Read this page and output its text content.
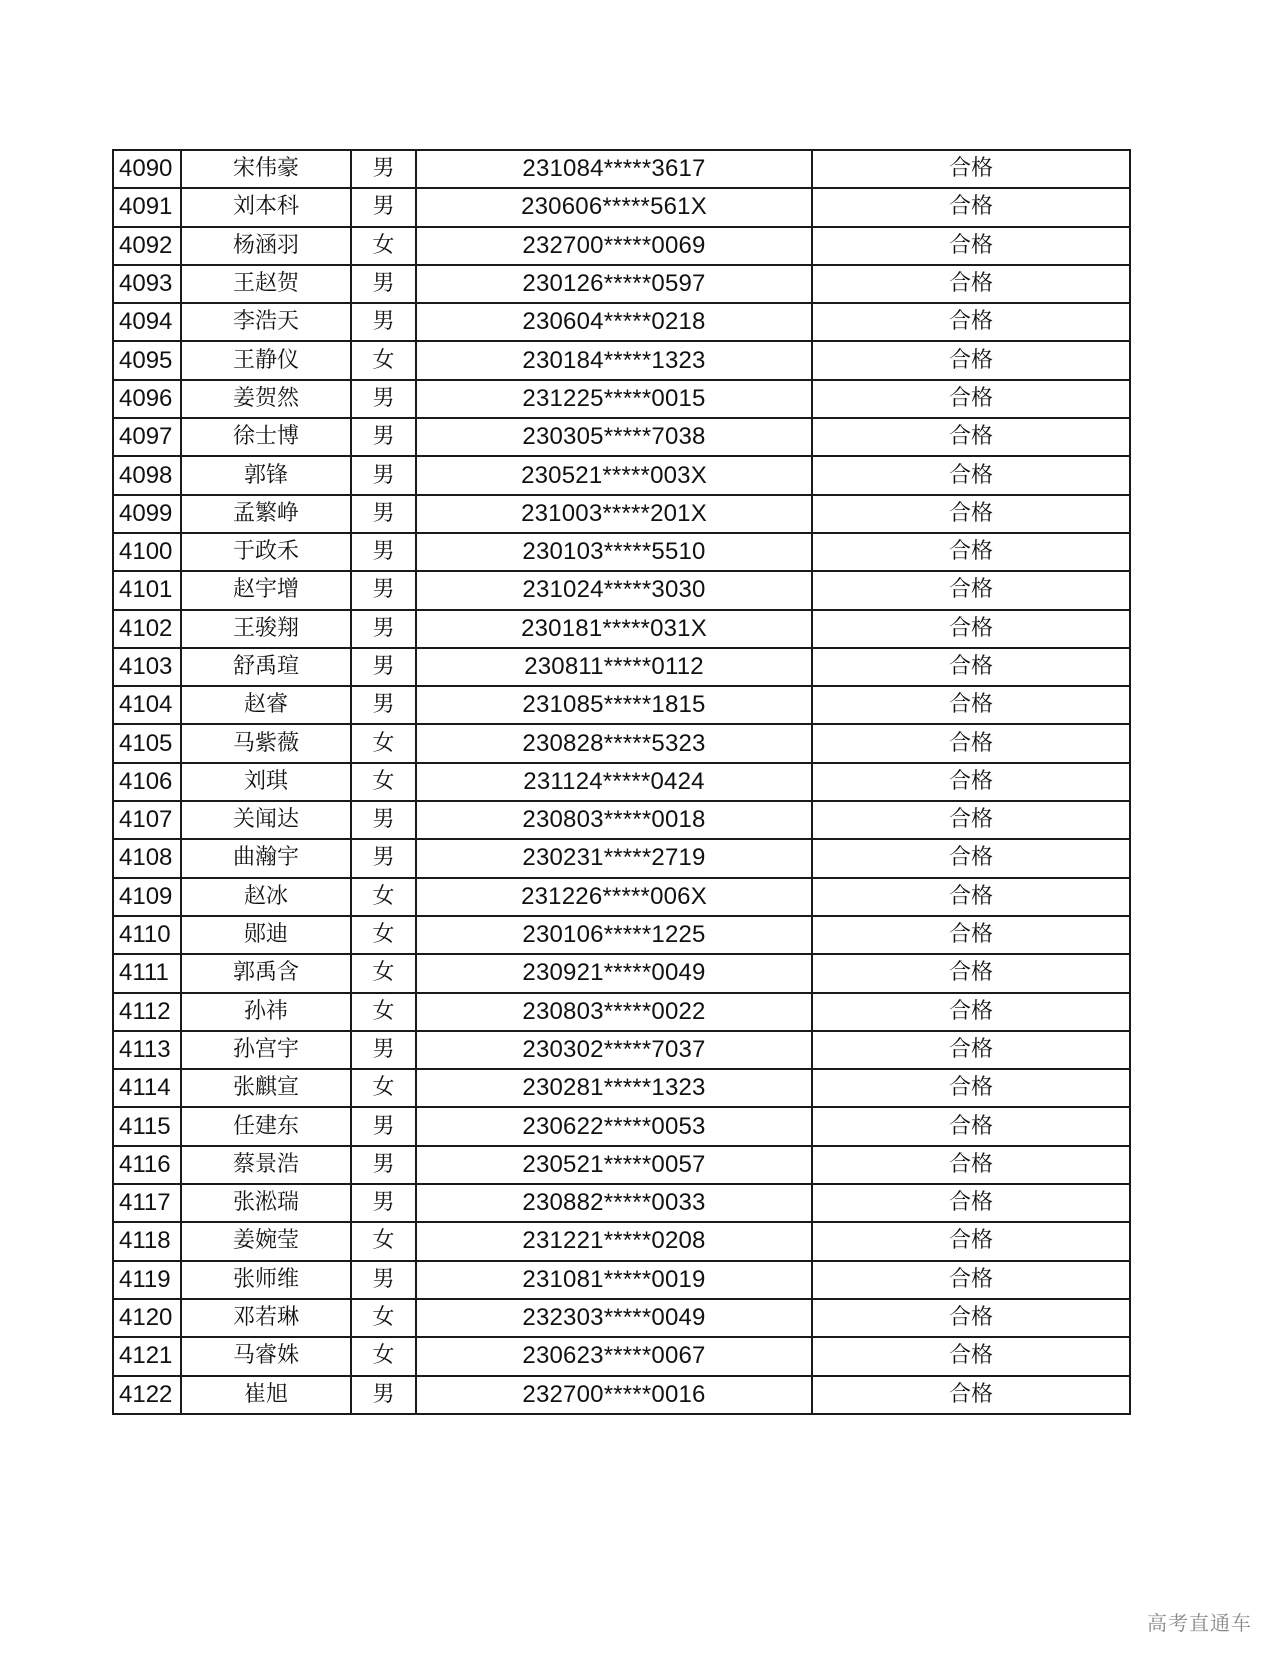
4090	宋伟豪	男	231084*****3617	合格
4091	刘本科	男	230606*****561X	合格
4092	杨涵羽	女	232700*****0069	合格
4093	王赵贺	男	230126*****0597	合格
4094	李浩天	男	230604*****0218	合格
4095	王静仪	女	230184*****1323	合格
4096	姜贺然	男	231225*****0015	合格
4097	徐士博	男	230305*****7038	合格
4098	郭锋	男	230521*****003X	合格
4099	孟繁峥	男	231003*****201X	合格
4100	于政禾	男	230103*****5510	合格
4101	赵宇增	男	231024*****3030	合格
4102	王骏翔	男	230181*****031X	合格
4103	舒禹瑄	男	230811*****0112	合格
4104	赵睿	男	231085*****1815	合格
4105	马紫薇	女	230828*****5323	合格
4106	刘琪	女	231124*****0424	合格
4107	关闻达	男	230803*****0018	合格
4108	曲瀚宇	男	230231*****2719	合格
4109	赵冰	女	231226*****006X	合格
4110	郧迪	女	230106*****1225	合格
4111	郭禹含	女	230921*****0049	合格
4112	孙祎	女	230803*****0022	合格
4113	孙宫宇	男	230302*****7037	合格
4114	张麒宣	女	230281*****1323	合格
4115	任建东	男	230622*****0053	合格
4116	蔡景浩	男	230521*****0057	合格
4117	张淞瑞	男	230882*****0033	合格
4118	姜婉莹	女	231221*****0208	合格
4119	张师维	男	231081*****0019	合格
4120	邓若琳	女	232303*****0049	合格
4121	马睿姝	女	230623*****0067	合格
4122	崔旭	男	232700*****0016	合格
高考直通车
